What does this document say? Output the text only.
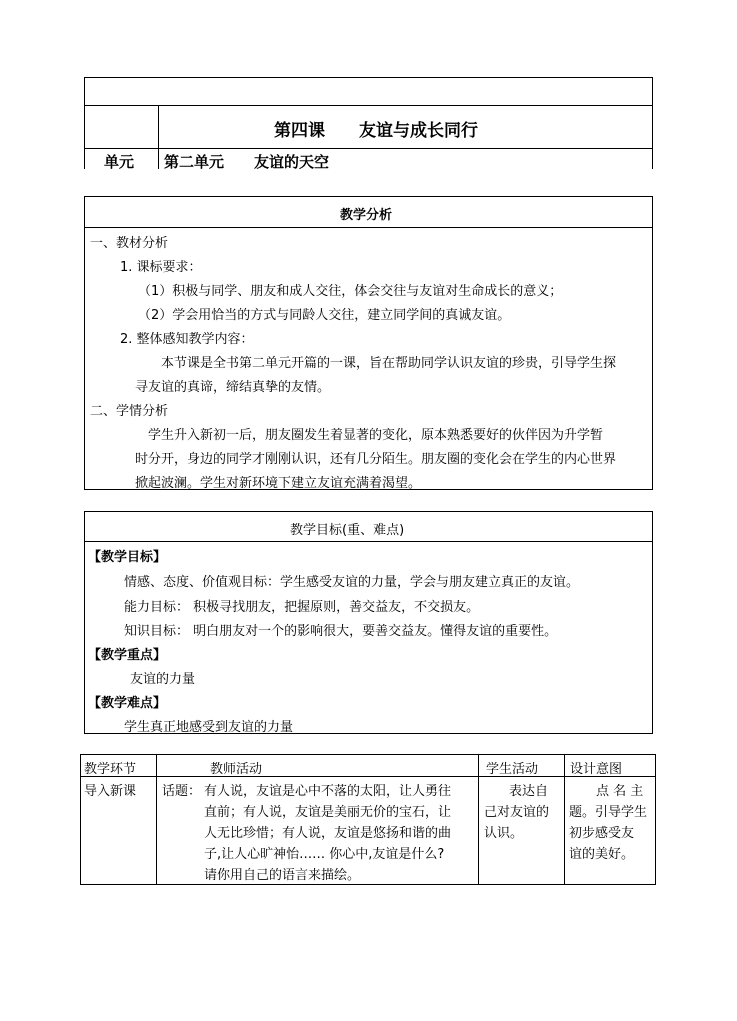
第四课　　友谊与成长同行
单元 第二单元　　友谊的天空
教学分析
一、教材分析
1. 课标要求：
（1）积极与同学、朋友和成人交往，体会交往与友谊对生命成长的意义；
（2）学会用恰当的方式与同龄人交往，建立同学间的真诚友谊。
2. 整体感知教学内容：
本节课是全书第二单元开篇的一课，旨在帮助同学认识友谊的珍贵，引导学生探
寻友谊的真谛，缔结真挚的友情。
二、学情分析
学生升入新初一后，朋友圈发生着显著的变化，原本熟悉要好的伙伴因为升学暂
时分开，身边的同学才刚刚认识，还有几分陌生。朋友圈的变化会在学生的内心世界
掀起波澜。学生对新环境下建立友谊充满着渴望。
教学目标(重、难点)
【教学目标】
情感、态度、价值观目标：学生感受友谊的力量，学会与朋友建立真正的友谊。
能力目标： 积极寻找朋友，把握原则，善交益友，不交损友。
知识目标： 明白朋友对一个的影响很大，要善交益友。懂得友谊的重要性。
【教学重点】
友谊的力量
【教学难点】
学生真正地感受到友谊的力量
教学环节	教师活动	学生活动 设计意图
导入新课 话题： 有人说，友谊是心中不落的太阳，让人勇往
直前；有人说，友谊是美丽无价的宝石，让
人无比珍惜；有人说，友谊是悠扬和谐的曲
子,让人心旷神怡…… 你心中,友谊是什么?
请你用自己的语言来描绘。
表达自
己对友谊的
认识。
点 名 主
题。引导学生
初步感受友
谊的美好。
